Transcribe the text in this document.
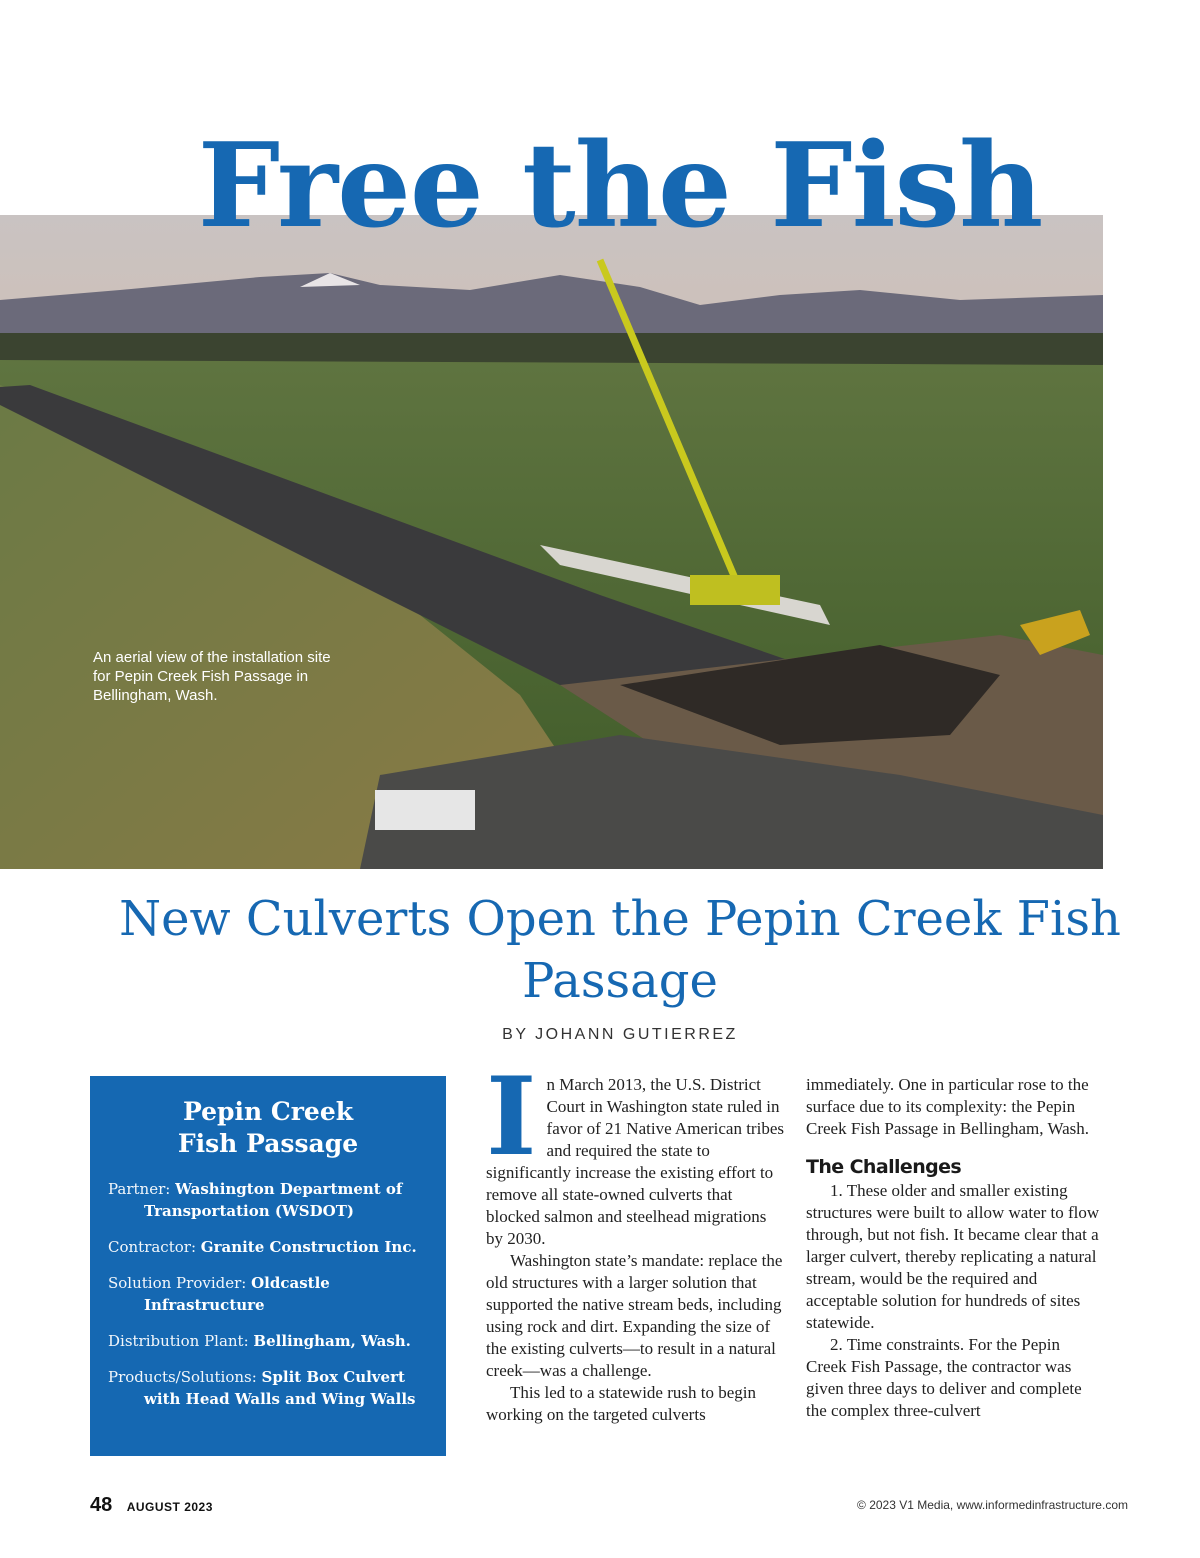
Free the Fish

An aerial view of the installation site for Pepin Creek Fish Passage in Bellingham, Wash.

New Culverts Open the Pepin Creek Fish Passage
BY JOHANN GUTIERREZ
Pepin Creek
Fish Passage

Partner: Washington Department of Transportation (WSDOT)

Contractor: Granite Construction Inc.

Solution Provider: Oldcastle Infrastructure

Distribution Plant: Bellingham, Wash.

Products/Solutions: Split Box Culvert with Head Walls and Wing Walls

I n March 2013, the U.S. District Court in Washington state ruled in favor of 21 Native American tribes and required the state to significantly increase the existing effort to remove all state-owned culverts that blocked salmon and steelhead migrations by 2030.

Washington state’s mandate: replace the old structures with a larger solution that supported the native stream beds, including using rock and dirt. Expanding the size of the existing culverts—to result in a natural creek—was a challenge.

This led to a statewide rush to begin working on the targeted culverts

immediately. One in particular rose to the surface due to its complexity: the Pepin Creek Fish Passage in Bellingham, Wash.

The Challenges

1. These older and smaller existing structures were built to allow water to flow through, but not fish. It became clear that a larger culvert, thereby replicating a natural stream, would be the required and acceptable solution for hundreds of sites statewide.

2. Time constraints. For the Pepin Creek Fish Passage, the contractor was given three days to deliver and complete the complex three-culvert

48 AUGUST 2023	© 2023 V1 Media, www.informedinfrastructure.com
